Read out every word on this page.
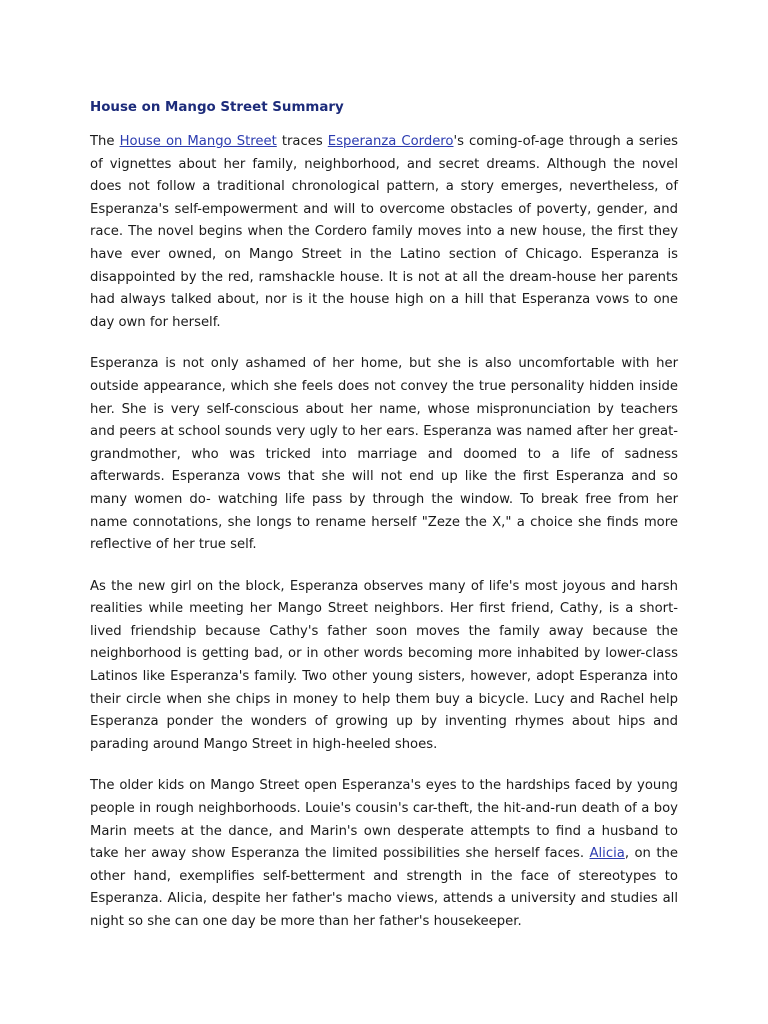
House on Mango Street Summary

The House on Mango Street traces Esperanza Cordero's coming-of-age through a series of vignettes about her family, neighborhood, and secret dreams. Although the novel does not follow a traditional chronological pattern, a story emerges, nevertheless, of Esperanza's self-empowerment and will to overcome obstacles of poverty, gender, and race. The novel begins when the Cordero family moves into a new house, the first they have ever owned, on Mango Street in the Latino section of Chicago. Esperanza is disappointed by the red, ramshackle house. It is not at all the dream-house her parents had always talked about, nor is it the house high on a hill that Esperanza vows to one day own for herself.

Esperanza is not only ashamed of her home, but she is also uncomfortable with her outside appearance, which she feels does not convey the true personality hidden inside her. She is very self-conscious about her name, whose mispronunciation by teachers and peers at school sounds very ugly to her ears. Esperanza was named after her great- grandmother, who was tricked into marriage and doomed to a life of sadness afterwards. Esperanza vows that she will not end up like the first Esperanza and so many women do- watching life pass by through the window. To break free from her name connotations, she longs to rename herself "Zeze the X," a choice she finds more reflective of her true self.

As the new girl on the block, Esperanza observes many of life's most joyous and harsh realities while meeting her Mango Street neighbors. Her first friend, Cathy, is a short-lived friendship because Cathy's father soon moves the family away because the neighborhood is getting bad, or in other words becoming more inhabited by lower-class Latinos like Esperanza's family. Two other young sisters, however, adopt Esperanza into their circle when she chips in money to help them buy a bicycle. Lucy and Rachel help Esperanza ponder the wonders of growing up by inventing rhymes about hips and parading around Mango Street in high-heeled shoes.

The older kids on Mango Street open Esperanza's eyes to the hardships faced by young people in rough neighborhoods. Louie's cousin's car-theft, the hit-and-run death of a boy Marin meets at the dance, and Marin's own desperate attempts to find a husband to take her away show Esperanza the limited possibilities she herself faces. Alicia, on the other hand, exemplifies self-betterment and strength in the face of stereotypes to Esperanza. Alicia, despite her father's macho views, attends a university and studies all night so she can one day be more than her father's housekeeper.
